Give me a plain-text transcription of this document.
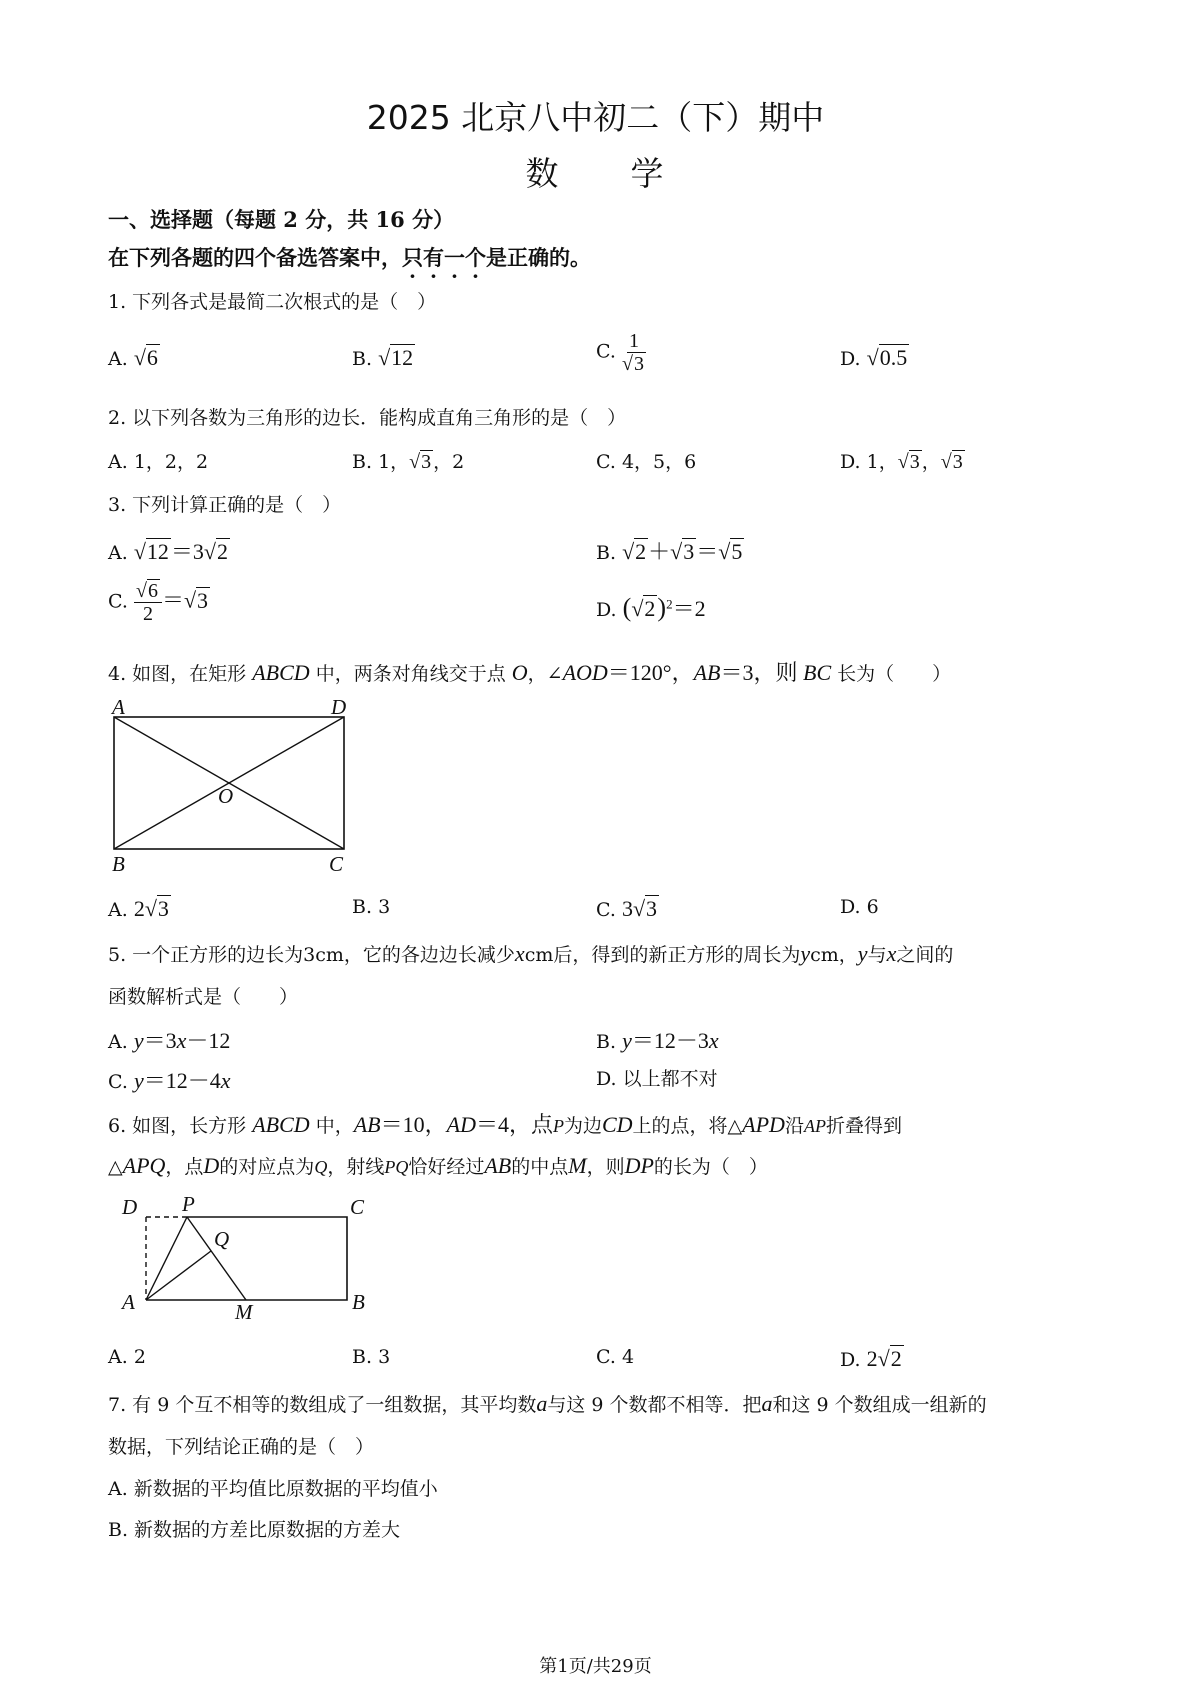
2025 北京八中初二（下）期中
数　　学
一、选择题（每题 2 分，共 16 分）
在下列各题的四个备选答案中，只有一个是正确的。
1. 下列各式是最简二次根式的是（　）
A. √6	B. √12	C. $\frac{1}{√3}$	D. √0.5
2. 以下列各数为三角形的边长．能构成直角三角形的是（　）
A. 1，2，2	B. 1，√3 ，2	C. 4，5，6	D. 1，√3 ，√3
3. 下列计算正确的是（　）
A. √12＝3√2	B. √2＋√3＝√5
C. $\frac{√6}{2} =√3$	D. $(√2)^2=2$
4. 如图，在矩形 ABCD 中，两条对角线交于点 O，∠AOD＝120°，AB＝3，则 BC 长为（　　）
A	D
B	C
O
A. 2√3	B. 3	C. 3√3	D. 6
5. 一个正方形的边长为3cm，它的各边边长减少xcm后，得到的新正方形的周长为ycm，y与x之间的
函数解析式是（　　）
A. y＝3x－12	B. y＝12－3x
C. y＝12－4x	D. 以上都不对
6. 如图，长方形 ABCD 中，AB＝10，AD＝4，点P为边CD上的点，将△APD沿AP折叠得到
△APQ，点D的对应点为Q，射线PQ恰好经过AB的中点M，则DP的长为（　）
D P	C
Q
A	M	B
A. 2	B. 3	C. 4	D. 2√2
7. 有 9 个互不相等的数组成了一组数据，其平均数a与这 9 个数都不相等．把a和这 9 个数组成一组新的
数据，下列结论正确的是（　）
A. 新数据的平均值比原数据的平均值小
B. 新数据的方差比原数据的方差大
第1页/共29页
